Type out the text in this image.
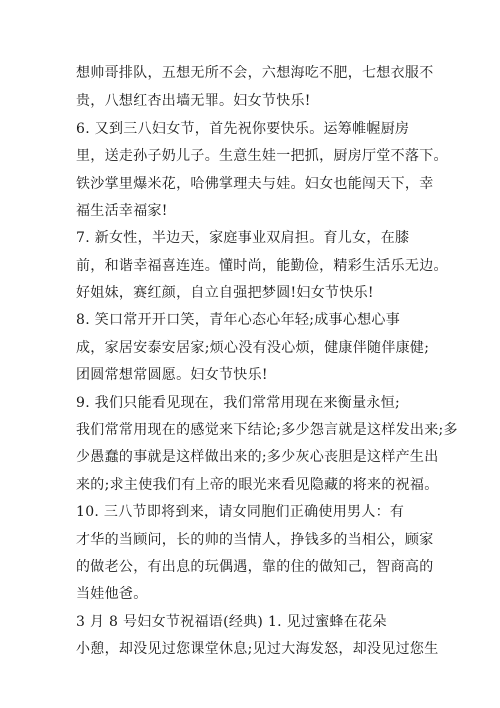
想帅哥排队，五想无所不会，六想海吃不肥，七想衣服不
贵，八想红杏出墙无罪。妇女节快乐!
6. 又到三八妇女节，首先祝你要快乐。运筹帷幄厨房
里，送走孙子奶儿子。生意生娃一把抓，厨房厅堂不落下。
铁沙掌里爆米花，哈佛掌理夫与娃。妇女也能闯天下，幸
福生活幸福家!
7. 新女性，半边天，家庭事业双肩担。育儿女，在膝
前，和谐幸福喜连连。懂时尚，能勤俭，精彩生活乐无边。
好姐妹，赛红颜，自立自强把梦圆!妇女节快乐!
8. 笑口常开开口笑，青年心态心年轻;成事心想心事
成，家居安泰安居家;烦心没有没心烦，健康伴随伴康健;
团圆常想常圆愿。妇女节快乐!
9. 我们只能看见现在，我们常常用现在来衡量永恒;
我们常常用现在的感觉来下结论;多少怨言就是这样发出来;多
少愚蠢的事就是这样做出来的;多少灰心丧胆是这样产生出
来的;求主使我们有上帝的眼光来看见隐藏的将来的祝福。
10. 三八节即将到来，请女同胞们正确使用男人：有
才华的当顾问，长的帅的当情人，挣钱多的当相公，顾家
的做老公，有出息的玩偶遇，靠的住的做知己，智商高的
当娃他爸。
3 月 8 号妇女节祝福语(经典) 1. 见过蜜蜂在花朵
小憩，却没见过您课堂休息;见过大海发怒，却没见过您生
